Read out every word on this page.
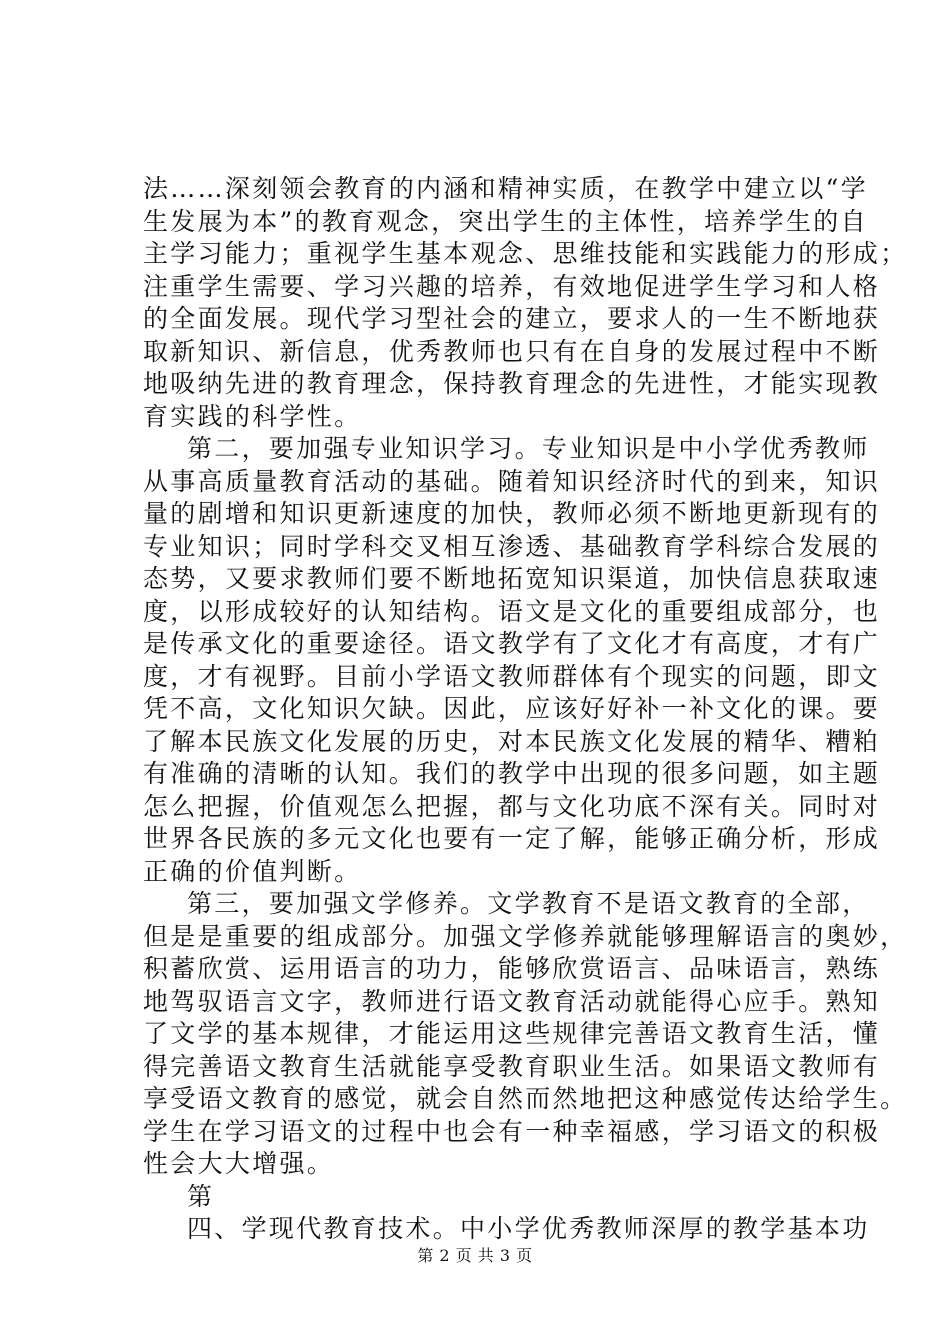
法……深刻领会教育的内涵和精神实质，在教学中建立以“学
生发展为本”的教育观念，突出学生的主体性，培养学生的自
主学习能力；重视学生基本观念、思维技能和实践能力的形成；
注重学生需要、学习兴趣的培养，有效地促进学生学习和人格
的全面发展。现代学习型社会的建立，要求人的一生不断地获
取新知识、新信息，优秀教师也只有在自身的发展过程中不断
地吸纳先进的教育理念，保持教育理念的先进性，才能实现教
育实践的科学性。
第二，要加强专业知识学习。专业知识是中小学优秀教师
从事高质量教育活动的基础。随着知识经济时代的到来，知识
量的剧增和知识更新速度的加快，教师必须不断地更新现有的
专业知识；同时学科交叉相互渗透、基础教育学科综合发展的
态势，又要求教师们要不断地拓宽知识渠道，加快信息获取速
度，以形成较好的认知结构。语文是文化的重要组成部分，也
是传承文化的重要途径。语文教学有了文化才有高度，才有广
度，才有视野。目前小学语文教师群体有个现实的问题，即文
凭不高，文化知识欠缺。因此，应该好好补一补文化的课。要
了解本民族文化发展的历史，对本民族文化发展的精华、糟粕
有准确的清晰的认知。我们的教学中出现的很多问题，如主题
怎么把握，价值观怎么把握，都与文化功底不深有关。同时对
世界各民族的多元文化也要有一定了解，能够正确分析，形成
正确的价值判断。
第三，要加强文学修养。文学教育不是语文教育的全部，
但是是重要的组成部分。加强文学修养就能够理解语言的奥妙，
积蓄欣赏、运用语言的功力，能够欣赏语言、品味语言，熟练
地驾驭语言文字，教师进行语文教育活动就能得心应手。熟知
了文学的基本规律，才能运用这些规律完善语文教育生活，懂
得完善语文教育生活就能享受教育职业生活。如果语文教师有
享受语文教育的感觉，就会自然而然地把这种感觉传达给学生。
学生在学习语文的过程中也会有一种幸福感，学习语文的积极
性会大大增强。
第
四、学现代教育技术。中小学优秀教师深厚的教学基本功
第 2 页 共 3 页
